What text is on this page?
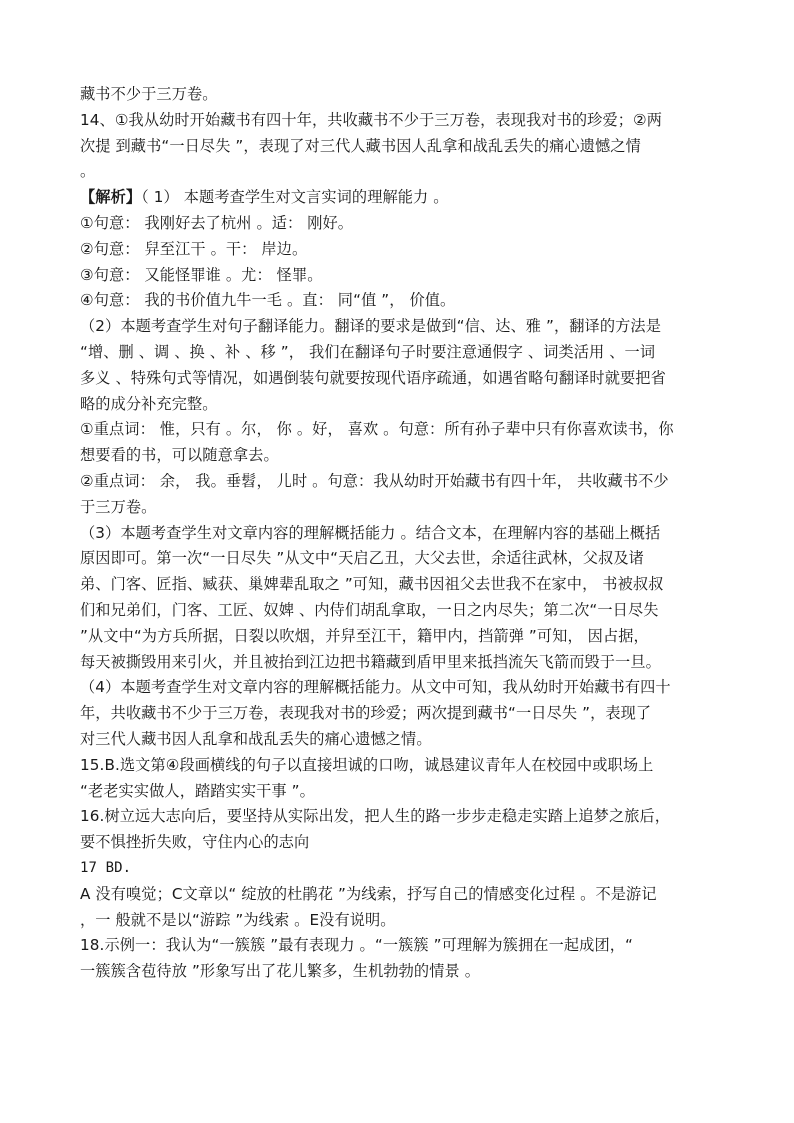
藏书不少于三万卷。
14、①我从幼时开始藏书有四十年，共收藏书不少于三万卷，表现我对书的珍爱；②两
次提 到藏书“一日尽失 ”，表现了对三代人藏书因人乱拿和战乱丢失的痛心遗憾之情
。
【解析】（ 1） 本题考查学生对文言实词的理解能力 。
①句意： 我刚好去了杭州 。适： 刚好。
②句意： 舁至江干 。干： 岸边。
③句意： 又能怪罪谁 。尤： 怪罪。
④句意： 我的书价值九牛一毛 。直： 同“值 ”， 价值。
（2）本题考查学生对句子翻译能力。翻译的要求是做到“信、达、雅 ”，翻译的方法是
“增、删 、调 、换 、补 、移 ”， 我们在翻译句子时要注意通假字 、词类活用 、一词
多义 、特殊句式等情况，如遇倒装句就要按现代语序疏通，如遇省略句翻译时就要把省
略的成分补充完整。
①重点词： 惟，只有 。尔， 你 。好， 喜欢 。句意：所有孙子辈中只有你喜欢读书，你
想要看的书，可以随意拿去。
②重点词： 余， 我。垂髫， 儿时 。句意：我从幼时开始藏书有四十年， 共收藏书不少
于三万卷。
（3）本题考查学生对文章内容的理解概括能力 。结合文本，在理解内容的基础上概括
原因即可。第一次“一日尽失 ”从文中“天启乙丑，大父去世，余适往武林，父叔及诸
弟、门客、匠指、臧获、巢婢辈乱取之 ”可知，藏书因祖父去世我不在家中， 书被叔叔
们和兄弟们，门客、工匠、奴婢 、内侍们胡乱拿取，一日之内尽失；第二次“一日尽失
”从文中“为方兵所据，日裂以吹烟，并舁至江干，籍甲内，挡箭弹 ”可知， 因占据，
每天被撕毁用来引火，并且被抬到江边把书籍藏到盾甲里来抵挡流矢飞箭而毁于一旦。
（4）本题考查学生对文章内容的理解概括能力。从文中可知，我从幼时开始藏书有四十
年，共收藏书不少于三万卷，表现我对书的珍爱；两次提到藏书“一日尽失 ”，表现了
对三代人藏书因人乱拿和战乱丢失的痛心遗憾之情。
15.B.选文第④段画横线的句子以直接坦诚的口吻，诚恳建议青年人在校园中或职场上
“老老实实做人，踏踏实实干事 ”。
16.树立远大志向后，要坚持从实际出发，把人生的路一步步走稳走实踏上追梦之旅后，
要不惧挫折失败，守住内心的志向
17 BD.
A 没有嗅觉；C文章以“ 绽放的杜鹃花 ”为线索，抒写自己的情感变化过程 。不是游记
，一 般就不是以“游踪 ”为线索 。E没有说明。
18.示例一：我认为“一簇簇 ”最有表现力 。“一簇簇 ”可理解为簇拥在一起成团，“
一簇簇含苞待放 ”形象写出了花儿繁多，生机勃勃的情景 。
